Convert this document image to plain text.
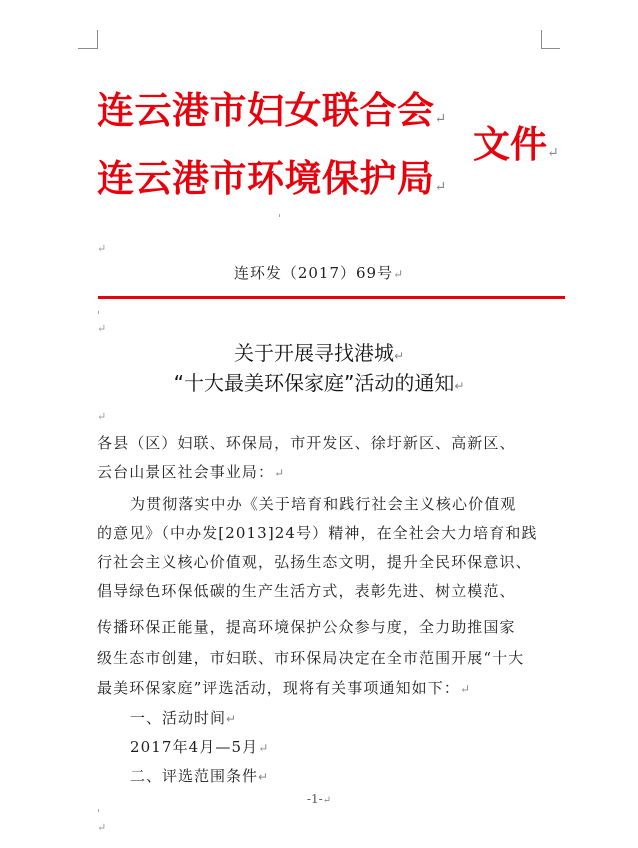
连云港市妇女联合会↵
连云港市环境保护局↵
文件↵
'
↵
连环发（2017）69号↵
'
↵
关于开展寻找港城↵
“十大最美环保家庭”活动的通知↵
↵
各县（区）妇联、环保局，市开发区、徐圩新区、高新区、
云台山景区社会事业局：↵
为贯彻落实中办《关于培育和践行社会主义核心价值观
的意见》（中办发[2013]24号）精神，在全社会大力培育和践
行社会主义核心价值观，弘扬生态文明，提升全民环保意识、
倡导绿色环保低碳的生产生活方式，表彰先进、树立模范、
传播环保正能量，提高环境保护公众参与度，全力助推国家
级生态市创建，市妇联、市环保局决定在全市范围开展“十大
最美环保家庭”评选活动，现将有关事项通知如下：↵
一、活动时间↵
2017年4月—5月↵
二、评选范围条件↵
-1-↵
'
↵
